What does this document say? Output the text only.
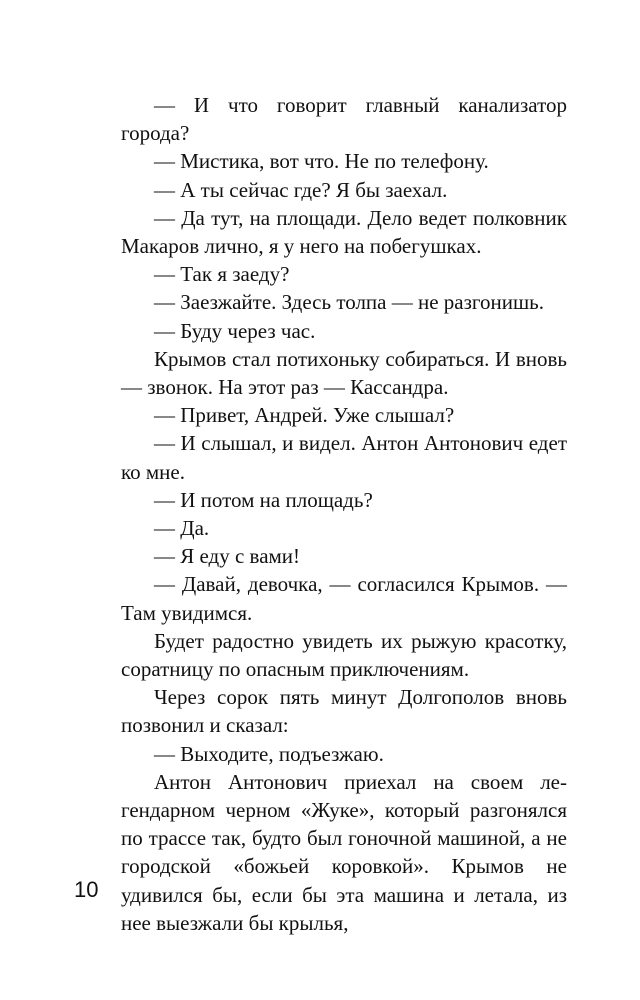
— И что говорит главный канализатор города?

— Мистика, вот что. Не по телефону.

— А ты сейчас где? Я бы заехал.

— Да тут, на площади. Дело ведет полковник Макаров лично, я у него на побегушках.

— Так я заеду?

— Заезжайте. Здесь толпа — не разгонишь.

— Буду через час.

Крымов стал потихоньку собираться. И вновь — звонок. На этот раз — Кассандра.

— Привет, Андрей. Уже слышал?

— И слышал, и видел. Антон Антонович едет ко мне.

— И потом на площадь?

— Да.

— Я еду с вами!

— Давай, девочка, — согласился Крымов. — Там увидимся.

Будет радостно увидеть их рыжую красотку, соратницу по опасным приключениям.

Через сорок пять минут Долгополов вновь позвонил и сказал:

— Выходите, подъезжаю.

Антон Антонович приехал на своем легендарном черном «Жуке», который разгонялся по трассе так, будто был гоночной машиной, а не городской «божьей коровкой». Крымов не удивился бы, если бы эта машина и летала, из нее выезжали бы крылья,

10
